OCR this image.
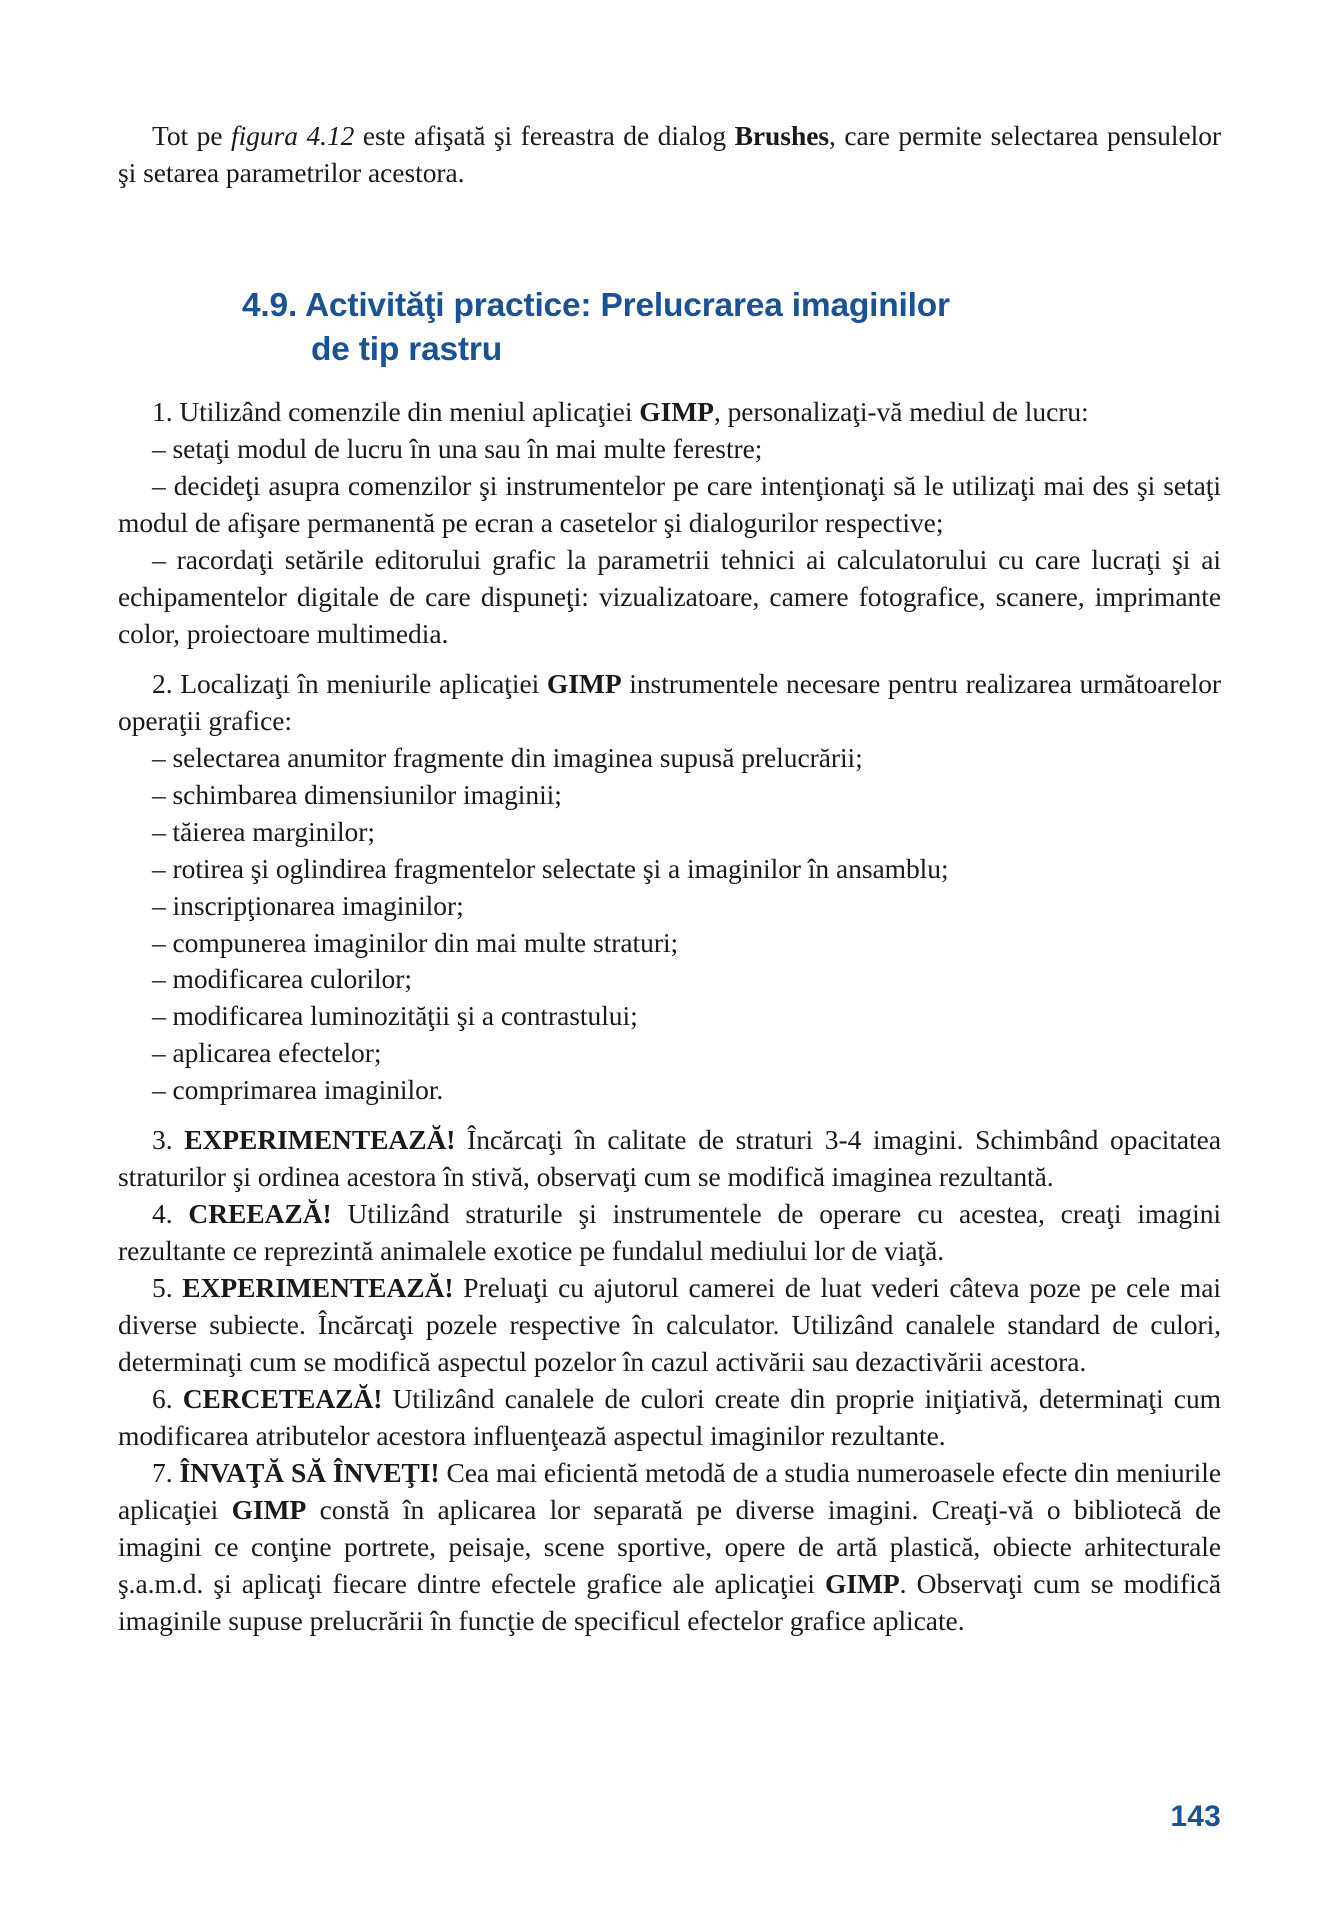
Tot pe figura 4.12 este afişată şi fereastra de dialog Brushes, care permite selectarea pensulelor şi setarea parametrilor acestora.

4.9. Activităţi practice: Prelucrarea imaginilor
de tip rastru

1. Utilizând comenzile din meniul aplicaţiei GIMP, personalizaţi-vă mediul de lucru:

– setaţi modul de lucru în una sau în mai multe ferestre;
– decideţi asupra comenzilor şi instrumentelor pe care intenţionaţi să le utilizaţi mai des şi setaţi modul de afişare permanentă pe ecran a casetelor şi dialogurilor respective;
– racordaţi setările editorului grafic la parametrii tehnici ai calculatorului cu care lucraţi şi ai echipamentelor digitale de care dispuneţi: vizualizatoare, camere fotografice, scanere, imprimante color, proiectoare multimedia.

2. Localizaţi în meniurile aplicaţiei GIMP instrumentele necesare pentru realizarea următoarelor operaţii grafice:

– selectarea anumitor fragmente din imaginea supusă prelucrării;
– schimbarea dimensiunilor imaginii;
– tăierea marginilor;
– rotirea şi oglindirea fragmentelor selectate şi a imaginilor în ansamblu;
– inscripţionarea imaginilor;
– compunerea imaginilor din mai multe straturi;
– modificarea culorilor;
– modificarea luminozităţii şi a contrastului;
– aplicarea efectelor;
– comprimarea imaginilor.

3. EXPERIMENTEAZĂ! Încărcaţi în calitate de straturi 3-4 imagini. Schimbând opacitatea straturilor şi ordinea acestora în stivă, observaţi cum se modifică imaginea rezultantă.

4. CREEAZĂ! Utilizând straturile şi instrumentele de operare cu acestea, creaţi imagini rezultante ce reprezintă animalele exotice pe fundalul mediului lor de viaţă.

5. EXPERIMENTEAZĂ! Preluaţi cu ajutorul camerei de luat vederi câteva poze pe cele mai diverse subiecte. Încărcaţi pozele respective în calculator. Utilizând canalele standard de culori, determinaţi cum se modifică aspectul pozelor în cazul activării sau dezactivării acestora.

6. CERCETEAZĂ! Utilizând canalele de culori create din proprie iniţiativă, determinaţi cum modificarea atributelor acestora influenţează aspectul imaginilor rezultante.

7. ÎNVAŢĂ SĂ ÎNVEŢI! Cea mai eficientă metodă de a studia numeroasele efecte din meniurile aplicaţiei GIMP constă în aplicarea lor separată pe diverse imagini. Creaţi-vă o bibliotecă de imagini ce conţine portrete, peisaje, scene sportive, opere de artă plastică, obiecte arhitecturale ş.a.m.d. şi aplicaţi fiecare dintre efectele grafice ale aplicaţiei GIMP. Observaţi cum se modifică imaginile supuse prelucrării în funcţie de specificul efectelor grafice aplicate.

143
